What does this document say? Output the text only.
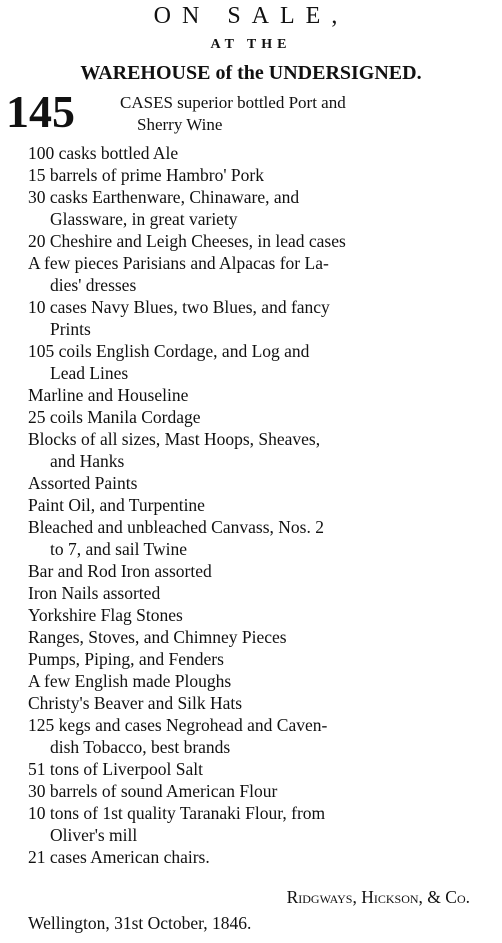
ON SALE,
AT THE
WAREHOUSE of the UNDERSIGNED.
145	CASES superior bottled Port and
Sherry Wine
100 casks bottled Ale
15 barrels of prime Hambro' Pork
30 casks Earthenware, Chinaware, and
Glassware, in great variety
20 Cheshire and Leigh Cheeses, in lead cases
A few pieces Parisians and Alpacas for La-
dies' dresses
10 cases Navy Blues, two Blues, and fancy
Prints
105 coils English Cordage, and Log and
Lead Lines
Marline and Houseline
25 coils Manila Cordage
Blocks of all sizes, Mast Hoops, Sheaves,
and Hanks
Assorted Paints
Paint Oil, and Turpentine
Bleached and unbleached Canvass, Nos. 2
to 7, and sail Twine
Bar and Rod Iron assorted
Iron Nails assorted
Yorkshire Flag Stones
Ranges, Stoves, and Chimney Pieces
Pumps, Piping, and Fenders
A few English made Ploughs
Christy's Beaver and Silk Hats
125 kegs and cases Negrohead and Caven-
dish Tobacco, best brands
51 tons of Liverpool Salt
30 barrels of sound American Flour
10 tons of 1st quality Taranaki Flour, from
Oliver's mill
21 cases American chairs.
Ridgways, Hickson, & Co.
Wellington, 31st October, 1846.
